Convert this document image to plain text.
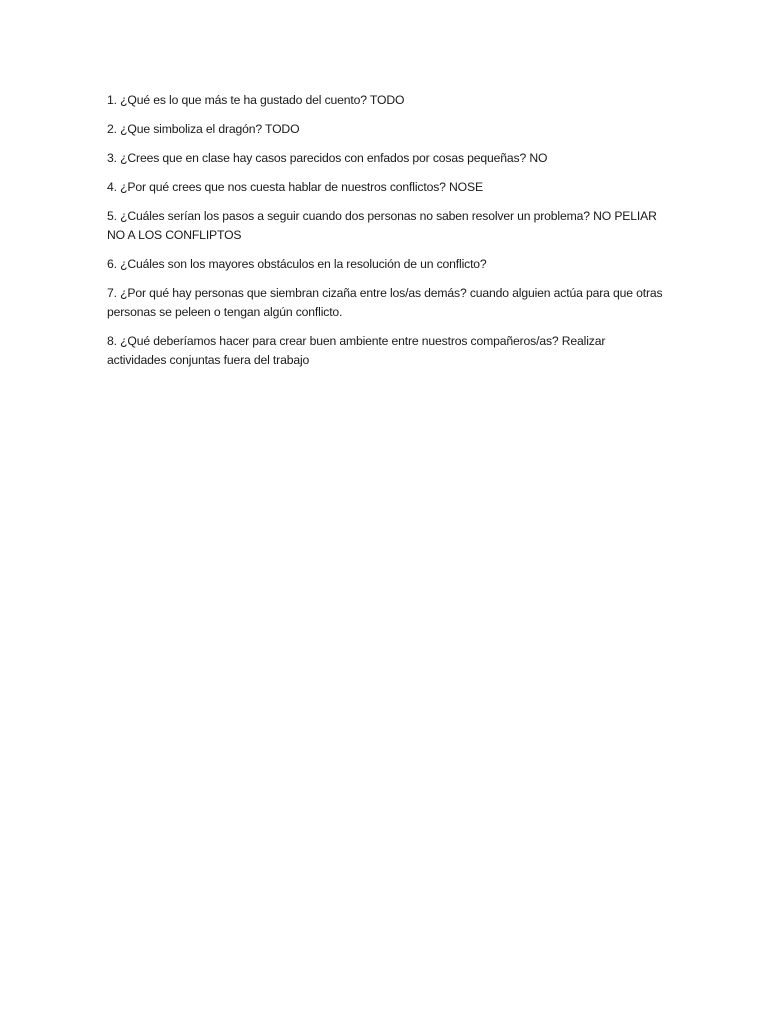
1. ¿Qué es lo que más te ha gustado del cuento? TODO

2. ¿Que simboliza el dragón? TODO

3. ¿Crees que en clase hay casos parecidos con enfados por cosas pequeñas? NO

4. ¿Por qué crees que nos cuesta hablar de nuestros conflictos? NOSE

5. ¿Cuáles serían los pasos a seguir cuando dos personas no saben resolver un problema? NO PELIAR NO A LOS CONFLIPTOS

6. ¿Cuáles son los mayores obstáculos en la resolución de un conflicto?

7. ¿Por qué hay personas que siembran cizaña entre los/as demás? cuando alguien actúa para que otras personas se peleen o tengan algún conflicto.

8. ¿Qué deberíamos hacer para crear buen ambiente entre nuestros compañeros/as? Realizar actividades conjuntas fuera del trabajo
